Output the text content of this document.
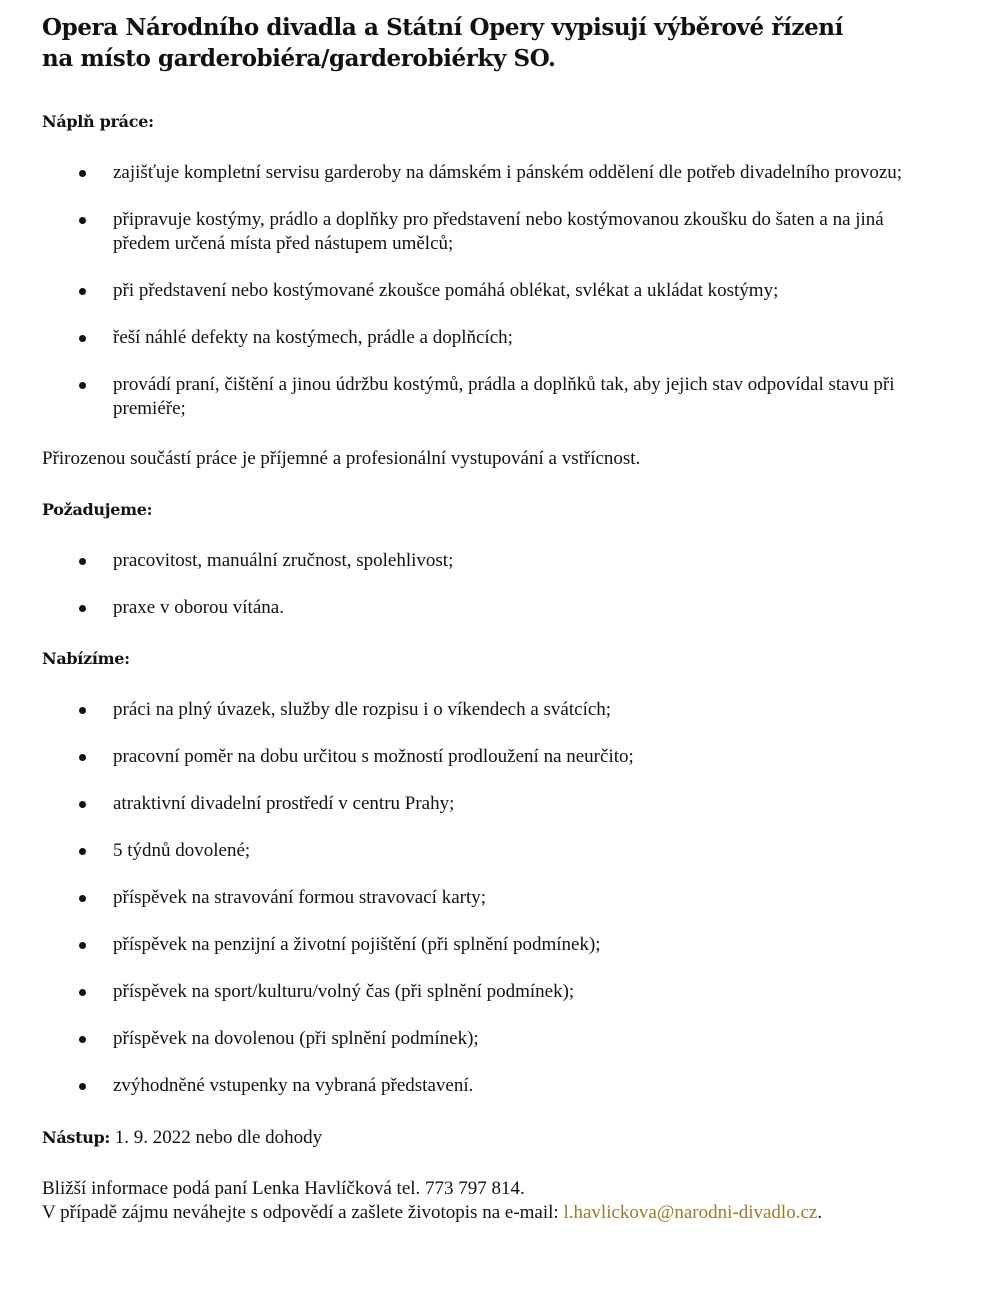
Opera Národního divadla a Státní Opery vypisují výběrové řízení
na místo garderobiéra/garderobiérky SO.
Náplň práce:
zajišťuje kompletní servisu garderoby na dámském i pánském oddělení dle potřeb divadelního provozu;
připravuje kostýmy, prádlo a doplňky pro představení nebo kostýmovanou zkoušku do šaten a na jiná předem určená místa před nástupem umělců;
při představení nebo kostýmované zkoušce pomáhá oblékat, svlékat a ukládat kostýmy;
řeší náhlé defekty na kostýmech, prádle a doplňcích;
provádí praní, čištění a jinou údržbu kostýmů, prádla a doplňků tak, aby jejich stav odpovídal stavu při premiéře;

Přirozenou součástí práce je příjemné a profesionální vystupování a vstřícnost.

Požadujeme:
pracovitost, manuální zručnost, spolehlivost;
praxe v oborou vítána.
Nabízíme:
práci na plný úvazek, služby dle rozpisu i o víkendech a svátcích;
pracovní poměr na dobu určitou s možností prodloužení na neurčito;
atraktivní divadelní prostředí v centru Prahy;
5 týdnů dovolené;
příspěvek na stravování formou stravovací karty;
příspěvek na penzijní a životní pojištění (při splnění podmínek);
příspěvek na sport/kulturu/volný čas (při splnění podmínek);
příspěvek na dovolenou (při splnění podmínek);
zvýhodněné vstupenky na vybraná představení.

Nástup: 1. 9. 2022 nebo dle dohody

Bližší informace podá paní Lenka Havlíčková tel. 773 797 814.

V případě zájmu neváhejte s odpovědí a zašlete životopis na e-mail: l.havlickova@narodni-divadlo.cz.
